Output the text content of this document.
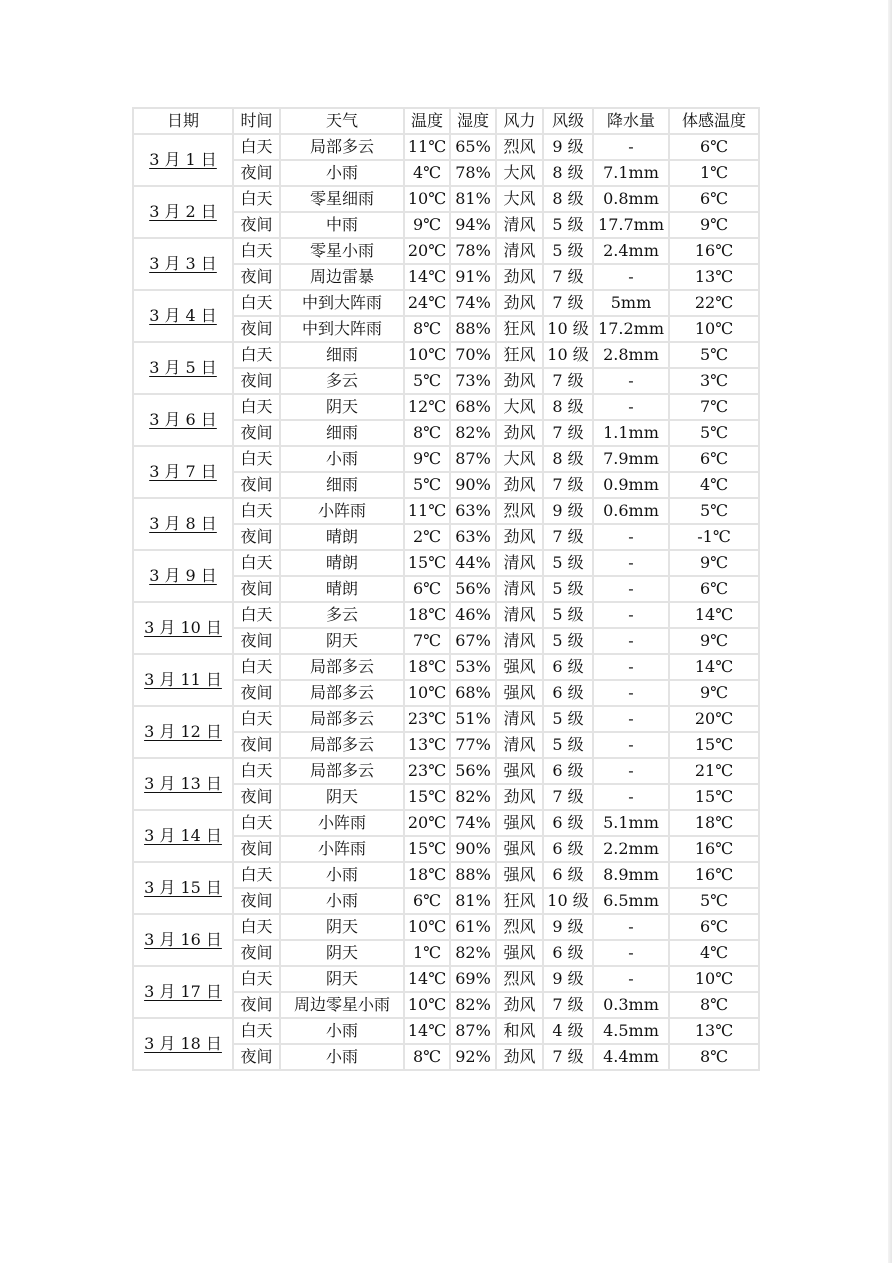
日期	时间	天气	温度	湿度	风力	风级	降水量	体感温度
3 月 1 日	白天	局部多云	11℃	65%	烈风	9 级	-	6℃
	夜间	小雨	4℃	78%	大风	8 级	7.1mm	1℃
3 月 2 日	白天	零星细雨	10℃	81%	大风	8 级	0.8mm	6℃
	夜间	中雨	9℃	94%	清风	5 级	17.7mm	9℃
3 月 3 日	白天	零星小雨	20℃	78%	清风	5 级	2.4mm	16℃
	夜间	周边雷暴	14℃	91%	劲风	7 级	-	13℃
3 月 4 日	白天	中到大阵雨	24℃	74%	劲风	7 级	5mm	22℃
	夜间	中到大阵雨	8℃	88%	狂风	10 级	17.2mm	10℃
3 月 5 日	白天	细雨	10℃	70%	狂风	10 级	2.8mm	5℃
	夜间	多云	5℃	73%	劲风	7 级	-	3℃
3 月 6 日	白天	阴天	12℃	68%	大风	8 级	-	7℃
	夜间	细雨	8℃	82%	劲风	7 级	1.1mm	5℃
3 月 7 日	白天	小雨	9℃	87%	大风	8 级	7.9mm	6℃
	夜间	细雨	5℃	90%	劲风	7 级	0.9mm	4℃
3 月 8 日	白天	小阵雨	11℃	63%	烈风	9 级	0.6mm	5℃
	夜间	晴朗	2℃	63%	劲风	7 级	-	-1℃
3 月 9 日	白天	晴朗	15℃	44%	清风	5 级	-	9℃
	夜间	晴朗	6℃	56%	清风	5 级	-	6℃
3 月 10 日	白天	多云	18℃	46%	清风	5 级	-	14℃
	夜间	阴天	7℃	67%	清风	5 级	-	9℃
3 月 11 日	白天	局部多云	18℃	53%	强风	6 级	-	14℃
	夜间	局部多云	10℃	68%	强风	6 级	-	9℃
3 月 12 日	白天	局部多云	23℃	51%	清风	5 级	-	20℃
	夜间	局部多云	13℃	77%	清风	5 级	-	15℃
3 月 13 日	白天	局部多云	23℃	56%	强风	6 级	-	21℃
	夜间	阴天	15℃	82%	劲风	7 级	-	15℃
3 月 14 日	白天	小阵雨	20℃	74%	强风	6 级	5.1mm	18℃
	夜间	小阵雨	15℃	90%	强风	6 级	2.2mm	16℃
3 月 15 日	白天	小雨	18℃	88%	强风	6 级	8.9mm	16℃
	夜间	小雨	6℃	81%	狂风	10 级	6.5mm	5℃
3 月 16 日	白天	阴天	10℃	61%	烈风	9 级	-	6℃
	夜间	阴天	1℃	82%	强风	6 级	-	4℃
3 月 17 日	白天	阴天	14℃	69%	烈风	9 级	-	10℃
	夜间	周边零星小雨	10℃	82%	劲风	7 级	0.3mm	8℃
3 月 18 日	白天	小雨	14℃	87%	和风	4 级	4.5mm	13℃
	夜间	小雨	8℃	92%	劲风	7 级	4.4mm	8℃
